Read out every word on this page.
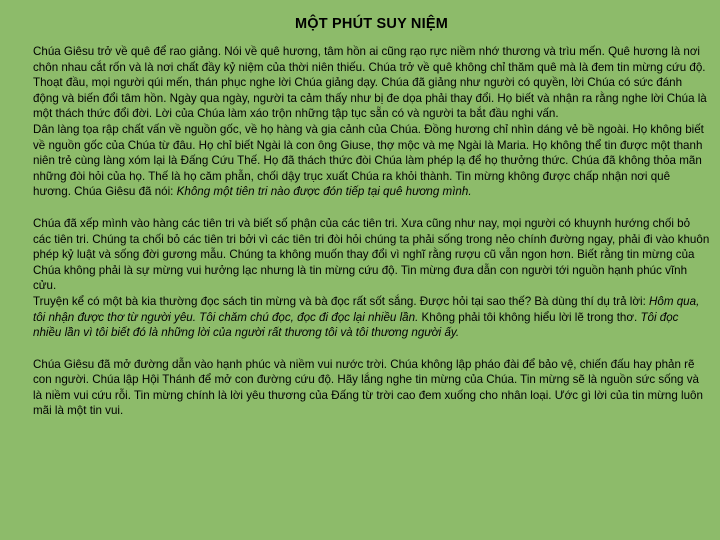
MỘT PHÚT SUY NIỆM

Chúa Giêsu trở về quê để rao giảng. Nói về quê hương, tâm hồn ai cũng rạo rực niềm nhớ thương và trìu mến. Quê hương là nơi chôn nhau cắt rốn và là nơi chất đầy kỷ niệm của thời niên thiếu. Chúa trở về quê không chỉ thăm quê mà là đem tin mừng cứu độ. Thoạt đầu, mọi người qúi mến, thán phục nghe lời Chúa giảng dạy. Chúa đã giảng như người có quyền, lời Chúa có sức đánh động và biến đổi tâm hồn. Ngày qua ngày, người ta cảm thấy như bị đe dọa phải thay đổi. Họ biết và nhận ra rằng nghe lời Chúa là một thách thức đổi đời. Lời của Chúa làm xáo trộn những tập tục sẵn có và người ta bắt đầu nghi vấn.

Dân làng tọa rập chất vấn về nguồn gốc, về họ hàng và gia cảnh của Chúa. Đồng hương chỉ nhìn dáng vẻ bề ngoài. Họ không biết về nguồn gốc của Chúa từ đâu. Họ chỉ biết Ngài là con ông Giuse, thợ mộc và mẹ Ngài là Maria. Họ không thể tin được một thanh niên trẻ cùng làng xóm lại là Đấng Cứu Thế. Họ đã thách thức đòi Chúa làm phép lạ để họ thưởng thức. Chúa đã không thỏa mãn những đòi hỏi của họ. Thế là họ căm phẫn, chối dậy trục xuất Chúa ra khỏi thành. Tin mừng không được chấp nhận nơi quê hương. Chúa Giêsu đã nói: Không một tiên tri nào được đón tiếp tại quê hương mình.

Chúa đã xếp mình vào hàng các tiên tri và biết số phận của các tiên tri. Xưa cũng như nay, mọi người có khuynh hướng chối bỏ các tiên tri. Chúng ta chối bỏ các tiên tri bởi vì các tiên tri đòi hỏi chúng ta phải sống trong nẻo chính đường ngay, phải đi vào khuôn phép kỷ luật và sống đời gương mẫu. Chúng ta không muốn thay đổi vì nghĩ rằng rượu cũ vẫn ngon hơn. Biết rằng tin mừng của Chúa không phải là sự mừng vui hưởng lạc nhưng là tin mừng cứu độ. Tin mừng đưa dẫn con người tới nguồn hạnh phúc vĩnh cửu.

Truyện kể có một bà kia thường đọc sách tin mừng và bà đọc rất sốt sắng. Được hỏi tại sao thế? Bà dùng thí dụ trả lời: Hôm qua, tôi nhận được thơ từ người yêu. Tôi chăm chú đọc, đọc đi đọc lại nhiều lần. Không phải tôi không hiểu lời lẽ trong thơ. Tôi đọc nhiều lần vì tôi biết đó là những lời của người rất thương tôi và tôi thương người ấy.

Chúa Giêsu đã mở đường dẫn vào hạnh phúc và niềm vui nước trời. Chúa không lập pháo đài để bảo vệ, chiến đấu hay phản rẽ con người. Chúa lập Hội Thánh để mở con đường cứu độ. Hãy lắng nghe tin mừng của Chúa. Tin mừng sẽ là nguồn sức sống và là niềm vui cứu rỗi. Tin mừng chính là lời yêu thương của Đấng từ trời cao đem xuống cho nhân loại. Ước gì lời của tin mừng luôn mãi là một tin vui.
